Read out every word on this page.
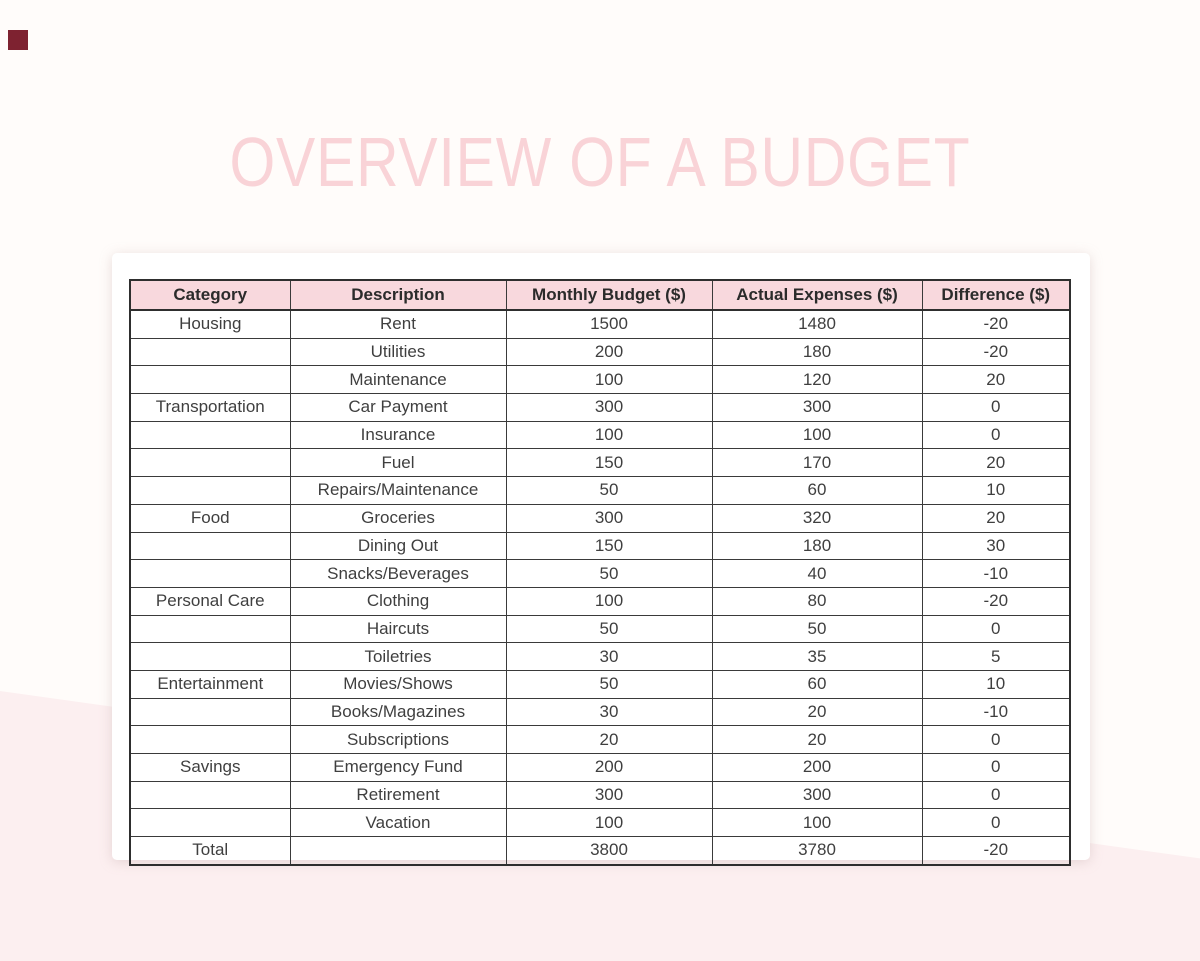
OVERVIEW OF A BUDGET
Category	Description	Monthly Budget ($)	Actual Expenses ($)	Difference ($)
Housing	Rent	1500	1480	-20
	Utilities	200	180	-20
	Maintenance	100	120	20
Transportation	Car Payment	300	300	0
	Insurance	100	100	0
	Fuel	150	170	20
	Repairs/Maintenance	50	60	10
Food	Groceries	300	320	20
	Dining Out	150	180	30
	Snacks/Beverages	50	40	-10
Personal Care	Clothing	100	80	-20
	Haircuts	50	50	0
	Toiletries	30	35	5
Entertainment	Movies/Shows	50	60	10
	Books/Magazines	30	20	-10
	Subscriptions	20	20	0
Savings	Emergency Fund	200	200	0
	Retirement	300	300	0
	Vacation	100	100	0
Total		3800	3780	-20
